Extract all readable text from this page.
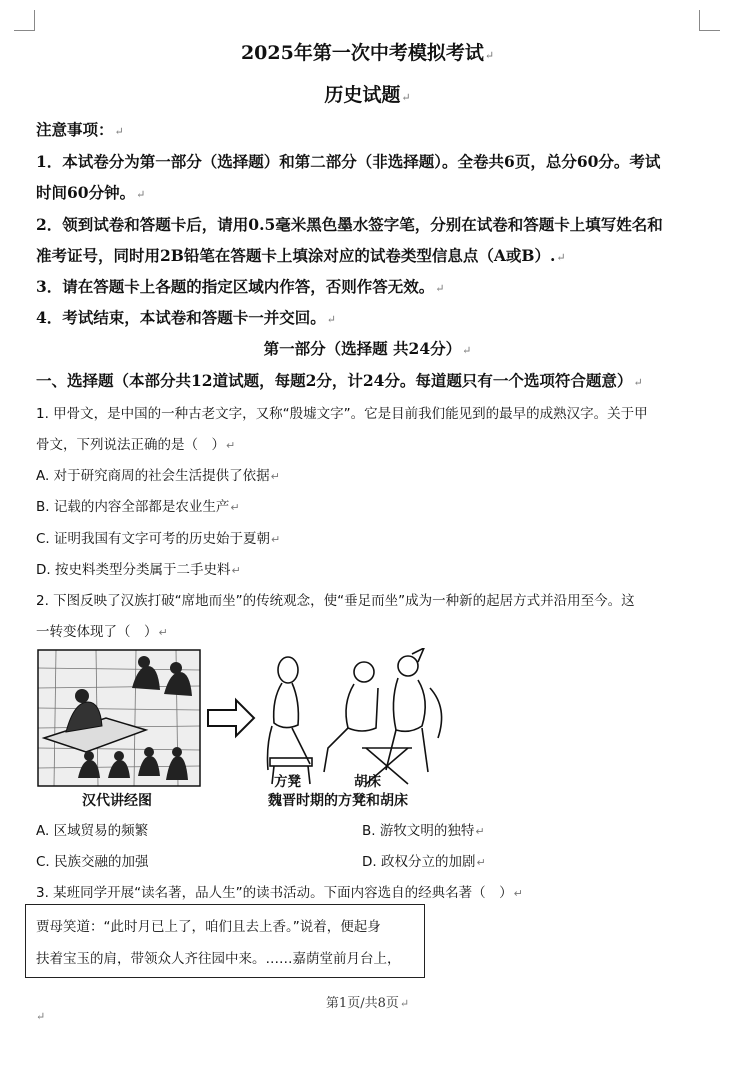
2025年第一次中考模拟考试↵
历史试题↵
注意事项：↵
1．本试卷分为第一部分（选择题）和第二部分（非选择题）。全卷共6页，总分60分。考试
时间60分钟。↵
2．领到试卷和答题卡后，请用0.5毫米黑色墨水签字笔，分别在试卷和答题卡上填写姓名和
准考证号，同时用2B铅笔在答题卡上填涂对应的试卷类型信息点（A或B）.↵
3．请在答题卡上各题的指定区域内作答，否则作答无效。↵
4．考试结束，本试卷和答题卡一并交回。↵
第一部分（选择题 共24分）↵
一、选择题（本部分共12道试题，每题2分，计24分。每道题只有一个选项符合题意）↵
1. 甲骨文，是中国的一种古老文字，又称“殷墟文字”。它是目前我们能见到的最早的成熟汉字。关于甲
骨文，下列说法正确的是（　）↵
A. 对于研究商周的社会生活提供了依据↵
B. 记载的内容全部都是农业生产↵
C. 证明我国有文字可考的历史始于夏朝↵
D. 按史料类型分类属于二手史料↵
2. 下图反映了汉族打破“席地而坐”的传统观念，使“垂足而坐”成为一种新的起居方式并沿用至今。这
一转变体现了（　）↵
汉代讲经图
方凳	胡床
魏晋时期的方凳和胡床
A. 区域贸易的频繁	B. 游牧文明的独特↵
C. 民族交融的加强	D. 政权分立的加剧↵
3. 某班同学开展“读名著，品人生”的读书活动。下面内容选自的经典名著（　）↵
贾母笑道：“此时月已上了，咱们且去上香。”说着，便起身
扶着宝玉的肩，带领众人齐往园中来。……嘉荫堂前月台上，
第1页/共8页↵
↵
